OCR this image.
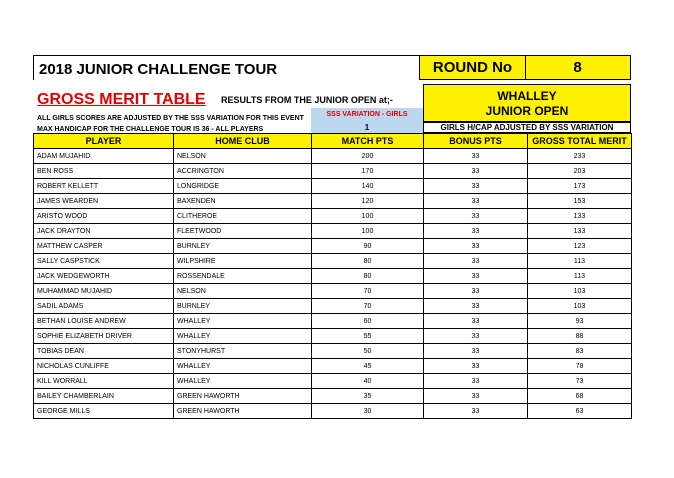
2018 JUNIOR CHALLENGE TOUR	ROUND No	8
GROSS MERIT TABLE RESULTS FROM THE JUNIOR OPEN at;-
ALL GIRLS SCORES ARE ADJUSTED BY THE SSS VARIATION FOR THIS EVENT
MAX HANDICAP FOR THE CHALLENGE TOUR IS 36 - ALL PLAYERS
WHALLEY
JUNIOR OPEN
SSS VARIATION - GIRLS
1	GIRLS H/CAP ADJUSTED BY SSS VARIATION
PLAYER	HOME CLUB	MATCH PTS	BONUS PTS	GROSS TOTAL MERIT
ADAM MUJAHID	NELSON	200	33	233
BEN ROSS	ACCRINGTON	170	33	203
ROBERT KELLETT	LONGRIDGE	140	33	173
JAMES WEARDEN	BAXENDEN	120	33	153
ARISTO WOOD	CLITHEROE	100	33	133
JACK DRAYTON	FLEETWOOD	100	33	133
MATTHEW CASPER	BURNLEY	90	33	123
SALLY CASPSTICK	WILPSHIRE	80	33	113
JACK WEDGEWORTH	ROSSENDALE	80	33	113
MUHAMMAD MUJAHID	NELSON	70	33	103
SADIL ADAMS	BURNLEY	70	33	103
BETHAN LOUISE ANDREW	WHALLEY	60	33	93
SOPHIE ELIZABETH DRIVER	WHALLEY	55	33	88
TOBIAS DEAN	STONYHURST	50	33	83
NICHOLAS CUNLIFFE	WHALLEY	45	33	78
KILL WORRALL	WHALLEY	40	33	73
BAILEY CHAMBERLAIN	GREEN HAWORTH	35	33	68
GEORGE MILLS	GREEN HAWORTH	30	33	63
